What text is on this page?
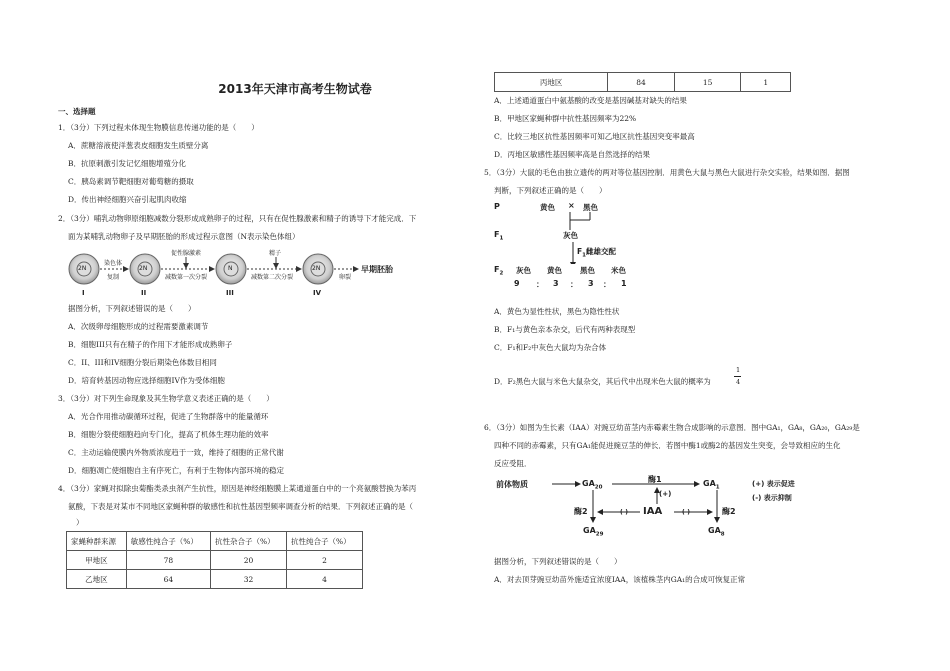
2013年天津市高考生物试卷
一、选择题
1．（3分）下列过程未体现生物膜信息传递功能的是（　　）
A．蔗糖溶液使洋葱表皮细胞发生质壁分离
B．抗原刺激引发记忆细胞增殖分化
C．胰岛素调节靶细胞对葡萄糖的摄取
D．传出神经细胞兴奋引起肌肉收缩
2．（3分）哺乳动物卵原细胞减数分裂形成成熟卵子的过程，只有在促性腺激素和精子的诱导下才能完成．下
面为某哺乳动物卵子及早期胚胎的形成过程示意图（N表示染色体组）
2N	2N	N	2N
染色体
复制
促性腺激素
减数第一次分裂
精子
减数第二次分裂	卵裂
早期胚胎
I	II	III	IV
据图分析，下列叙述错误的是（　　）
A．次级卵母细胞形成的过程需要激素调节
B．细胞III只有在精子的作用下才能形成成熟卵子
C．II、III和IV细胞分裂后期染色体数目相同
D．培育转基因动物应选择细胞IV作为受体细胞
3．（3分）对下列生命现象及其生物学意义表述正确的是（　　）
A．光合作用推动碳循环过程，促进了生物群落中的能量循环
B．细胞分裂使细胞趋向专门化，提高了机体生理功能的效率
C．主动运输使膜内外物质浓度趋于一致，维持了细胞的正常代谢
D．细胞凋亡使细胞自主有序死亡，有利于生物体内部环境的稳定
4．（3分）家蝇对拟除虫菊酯类杀虫剂产生抗性，原因是神经细胞膜上某通道蛋白中的一个亮氨酸替换为苯丙
氨酸，下表是对某市不同地区家蝇种群的敏感性和抗性基因型频率调查分析的结果．下列叙述正确的是（
）
家蝇种群来源	敏感性纯合子（%）	抗性杂合子（%）	抗性纯合子（%）
甲地区	78	20	2
乙地区	64	32	4
丙地区	84	15	1
A．上述通道蛋白中氨基酸的改变是基因碱基对缺失的结果
B．甲地区家蝇种群中抗性基因频率为22%
C．比较三地区抗性基因频率可知乙地区抗性基因突变率最高
D．丙地区敏感性基因频率高是自然选择的结果
5．（3分）大鼠的毛色由独立遗传的两对等位基因控制．用黄色大鼠与黑色大鼠进行杂交实验，结果如图．据图
判断，下列叙述正确的是（　　）
P	黄色 × 黑色
$F_1$	灰色
$F_1$雌雄交配
$F_2$ 灰色 黄色 黑色 米色
9 ： 3 ： 3 ： 1
A．黄色为显性性状，黑色为隐性性状
B．F₁与黄色亲本杂交，后代有两种表现型
C．F₁和F₂中灰色大鼠均为杂合体
D．F₂黑色大鼠与米色大鼠杂交，其后代中出现米色大鼠的概率为
1
4
6．（3分）如图为生长素（IAA）对豌豆幼苗茎内赤霉素生物合成影响的示意图．图中GA₁，GA₈，GA₂₀，GA₂₉是
四种不同的赤霉素，只有GA₁能促进豌豆茎的伸长．若图中酶1或酶2的基因发生突变，会导致相应的生化
反应受阻．
前体物质	$GA_{20}$
酶1	$GA_1$
(+)
IAA
(-)	(-)
酶2	酶2
$GA_{29}$	$GA_8$
(+) 表示促进
(-) 表示抑制
据图分析，下列叙述错误的是（　　）
A．对去顶芽豌豆幼苗外施适宜浓度IAA，该植株茎内GA₁的合成可恢复正常
